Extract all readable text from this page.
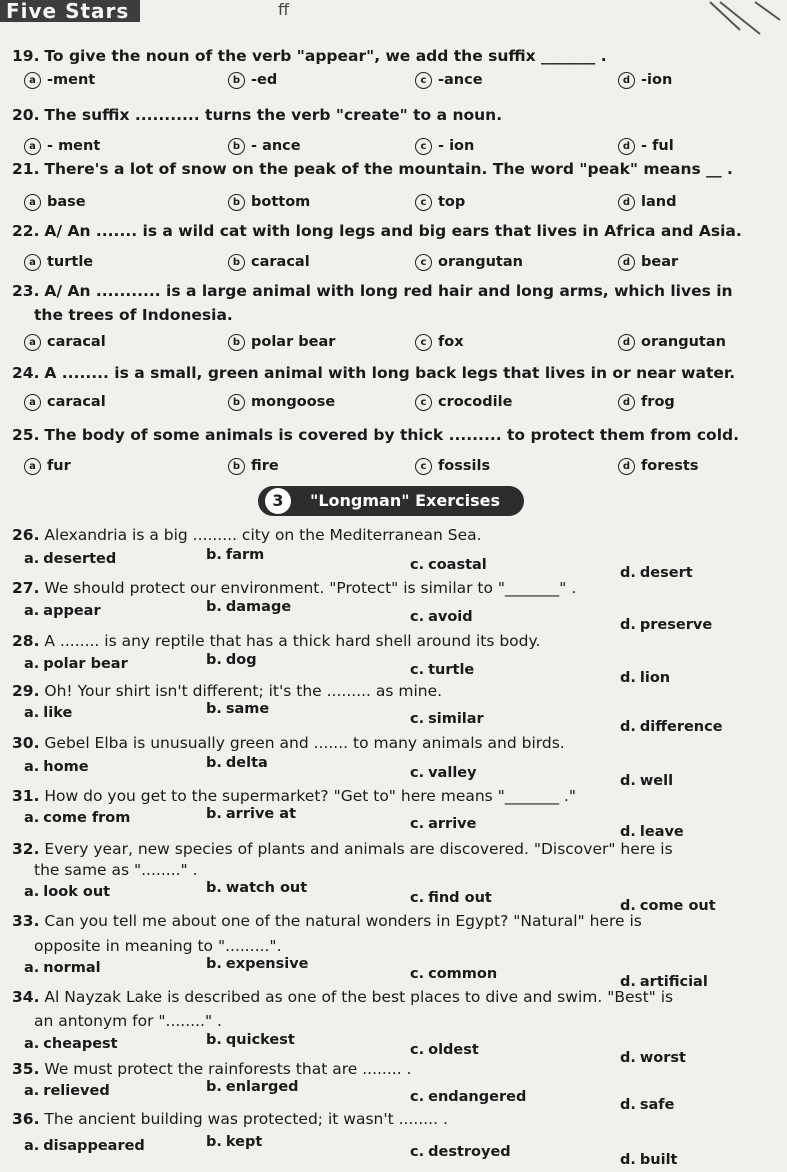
Five Stars	ff
"Longman" Exercises
3
19. To give the noun of the verb "appear", we add the suffix _______ .
a -ment	b -ed	c -ance	d -ion
20. The suffix ........... turns the verb "create" to a noun.
a - ment	b - ance	c - ion	d - ful
21. There's a lot of snow on the peak of the mountain. The word "peak" means __ .
a base	b bottom	c top	d land
22. A/ An ....... is a wild cat with long legs and big ears that lives in Africa and Asia.
a turtle	b caracal	c orangutan	d bear
23. A/ An ........... is a large animal with long red hair and long arms, which lives in
the trees of Indonesia.
a caracal	b polar bear	c fox	d orangutan
24. A ........ is a small, green animal with long back legs that lives in or near water.
a caracal	b mongoose	c crocodile	d frog
25. The body of some animals is covered by thick ......... to protect them from cold.
a fur	b fire	c fossils	d forests
26. Alexandria is a big ......... city on the Mediterranean Sea.
a. deserted	b. farm
c. coastal	d. desert
27. We should protect our environment. "Protect" is similar to "_______" .
a. appear	b. damage
c. avoid	d. preserve
28. A ........ is any reptile that has a thick hard shell around its body.
a. polar bear	b. dog
c. turtle	d. lion
29. Oh! Your shirt isn't different; it's the ......... as mine.
a. like	b. same
c. similar	d. difference
30. Gebel Elba is unusually green and ....... to many animals and birds.
a. home	b. delta
c. valley	d. well
31. How do you get to the supermarket? "Get to" here means "_______ ."
a. come from	b. arrive at
c. arrive	d. leave
32. Every year, new species of plants and animals are discovered. "Discover" here is
the same as "........" .
a. look out	b. watch out
c. find out	d. come out
33. Can you tell me about one of the natural wonders in Egypt? "Natural" here is
opposite in meaning to ".........".
a. normal	b. expensive
c. common	d. artificial
34. Al Nayzak Lake is described as one of the best places to dive and swim. "Best" is
an antonym for "........" .
a. cheapest	b. quickest
c. oldest	d. worst
35. We must protect the rainforests that are ........ .
a. relieved	b. enlarged
c. endangered	d. safe
36. The ancient building was protected; it wasn't ........ .
a. disappeared	b. kept
c. destroyed	d. built
